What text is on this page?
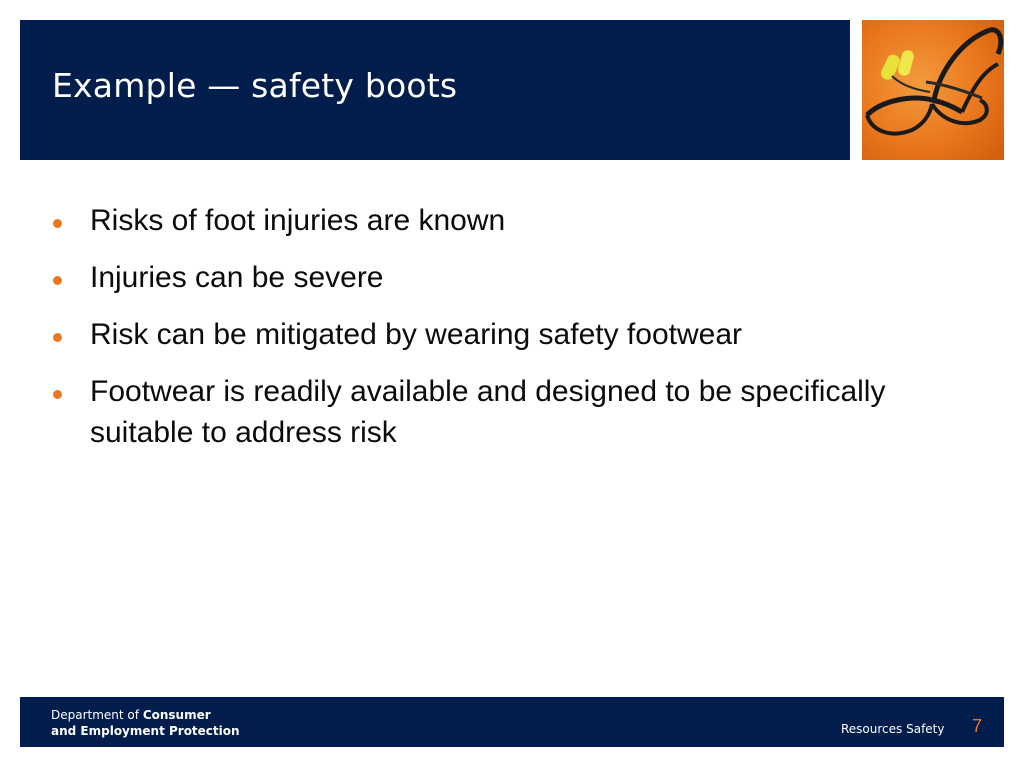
Example — safety boots
Risks of foot injuries are known
Injuries can be severe
Risk can be mitigated by wearing safety footwear
Footwear is readily available and designed to be specifically suitable to address risk
Department of Consumer
and Employment Protection	Resources Safety 7
